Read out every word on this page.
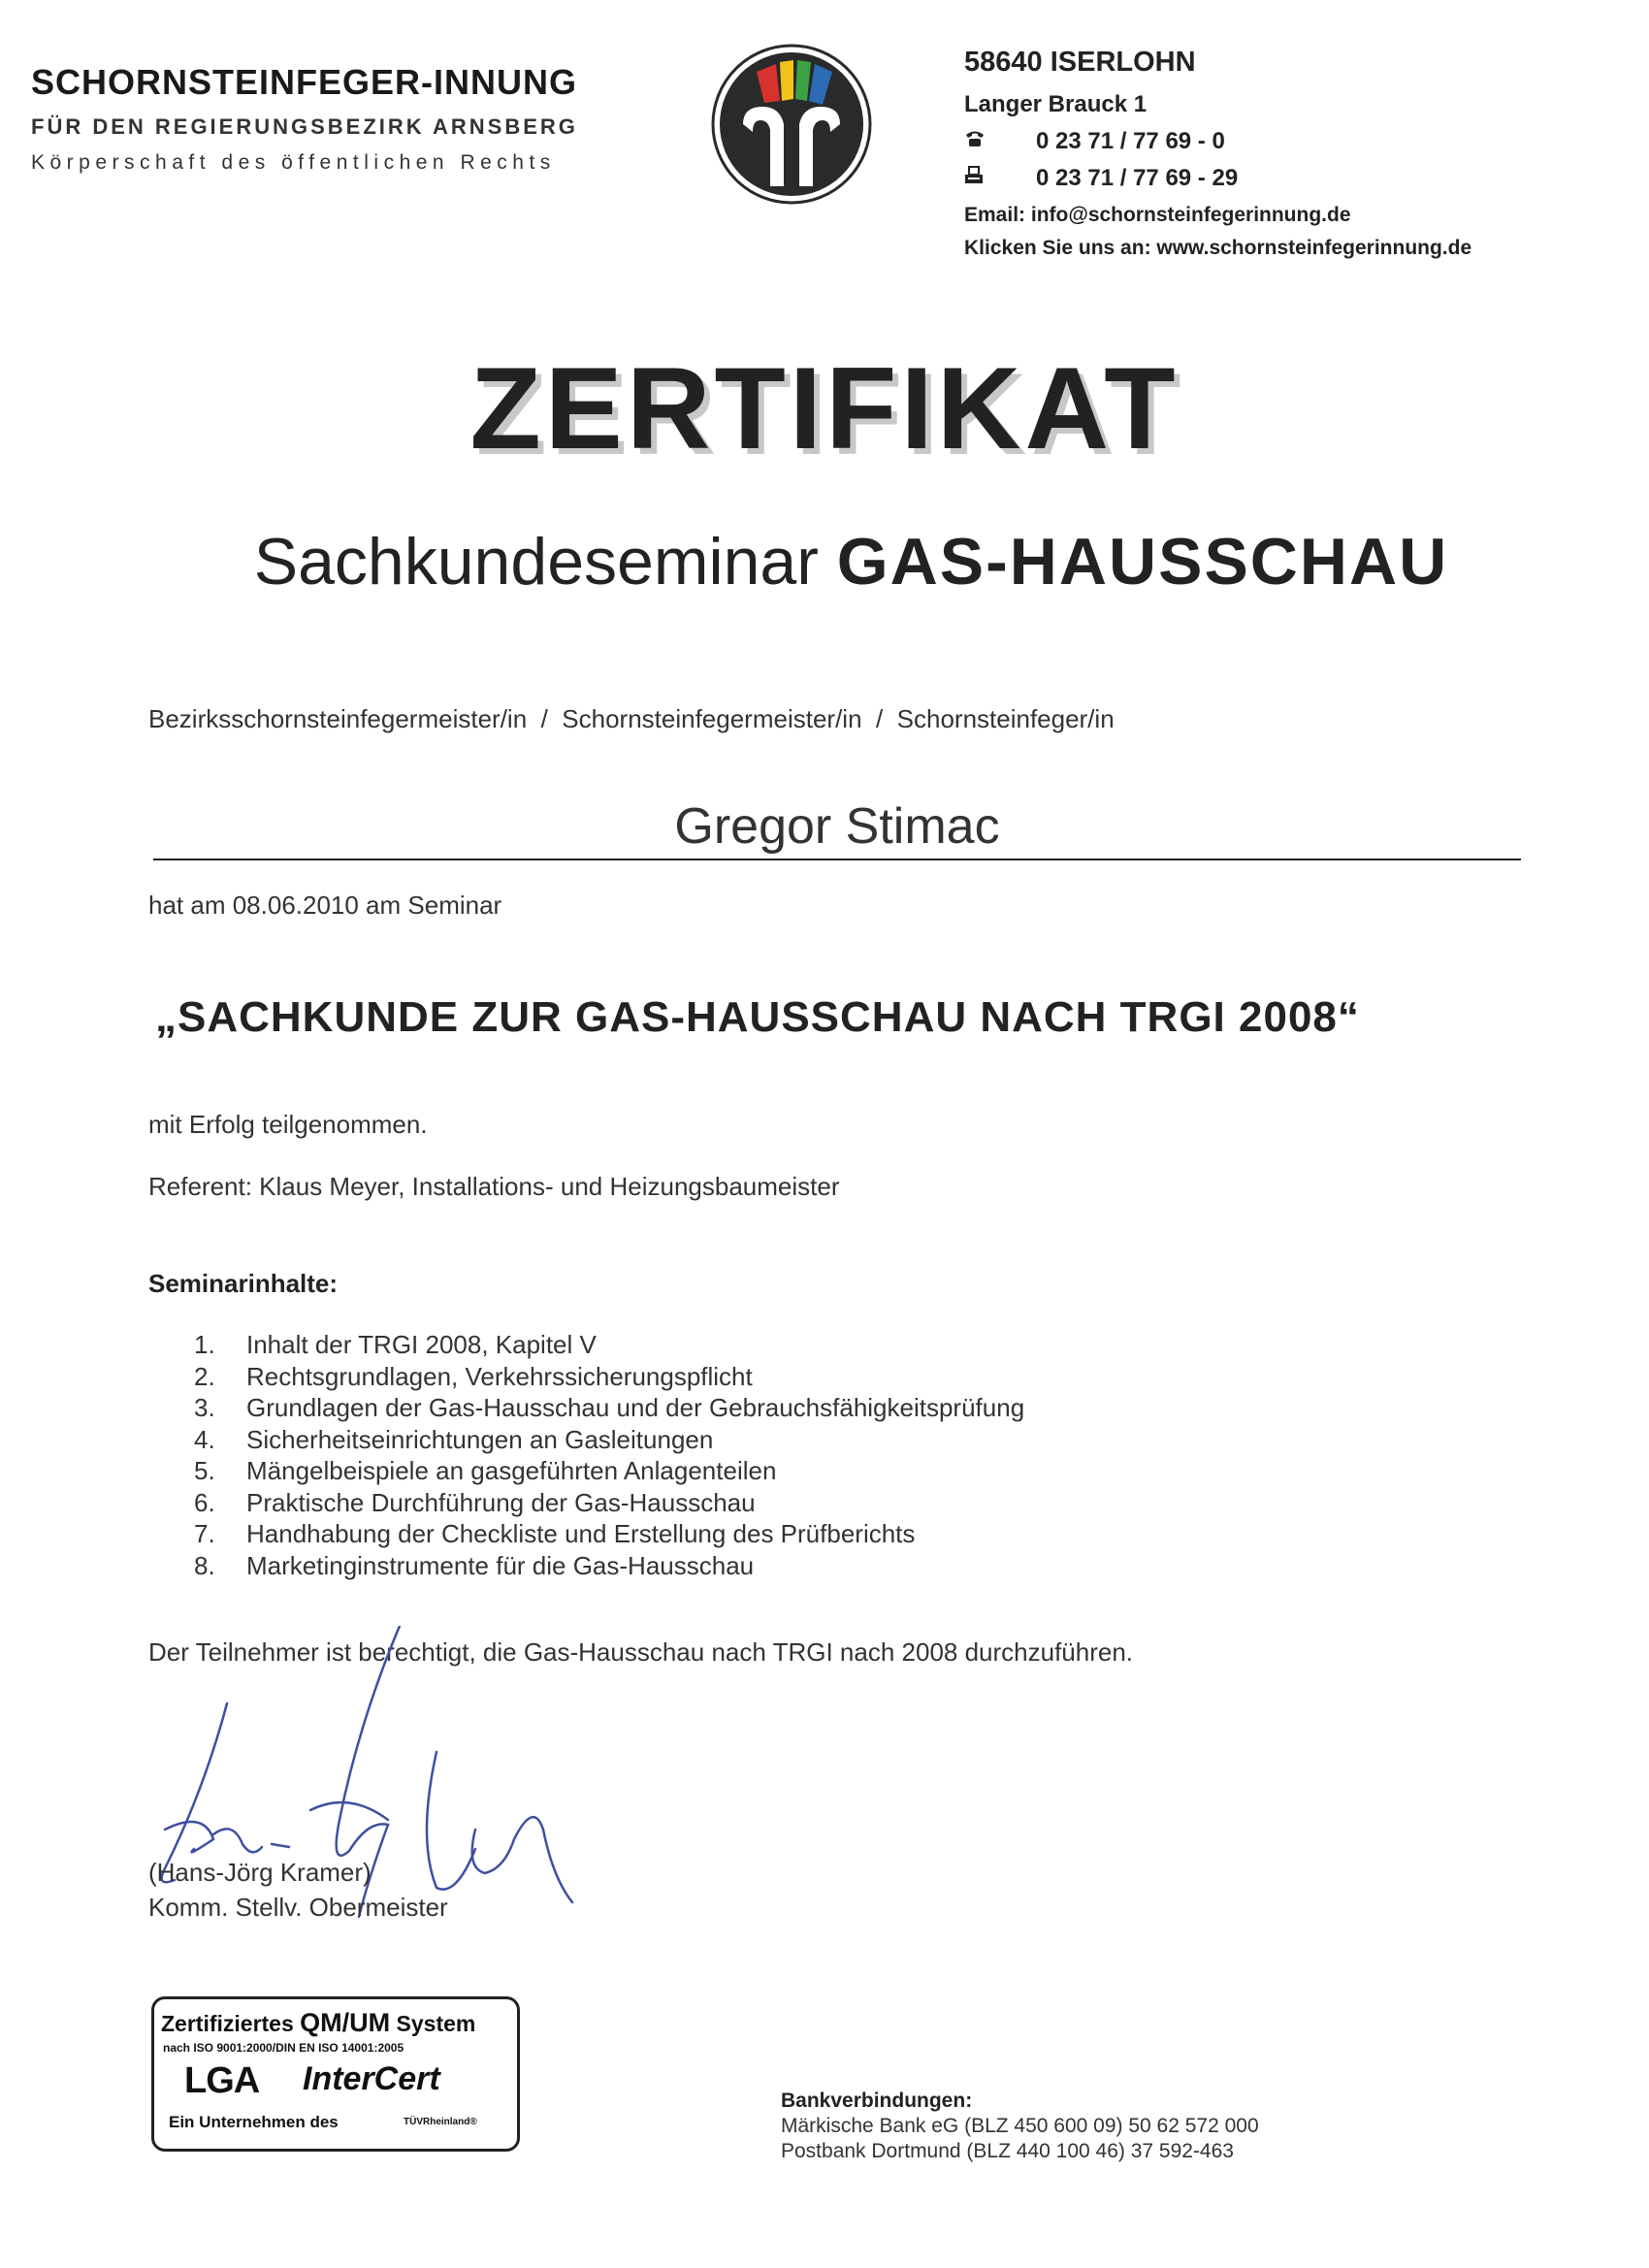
SCHORNSTEINFEGER-INNUNG
FÜR DEN REGIERUNGSBEZIRK ARNSBERG
Körperschaft des öffentlichen Rechts
58640 ISERLOHN
Langer Brauck 1
0 23 71 / 77 69 - 0
0 23 71 / 77 69 - 29
Email: info@schornsteinfegerinnung.de
Klicken Sie uns an: www.schornsteinfegerinnung.de
ZERTIFIKAT
Sachkundeseminar GAS-HAUSSCHAU
Bezirksschornsteinfegermeister/in  /  Schornsteinfegermeister/in  /  Schornsteinfeger/in
Gregor Stimac
hat am 08.06.2010 am Seminar
„SACHKUNDE ZUR GAS-HAUSSCHAU NACH TRGI 2008“
mit Erfolg teilgenommen.
Referent: Klaus Meyer, Installations- und Heizungsbaumeister
Seminarinhalte:
1. Inhalt der TRGI 2008, Kapitel V
2. Rechtsgrundlagen, Verkehrssicherungspflicht
3. Grundlagen der Gas-Hausschau und der Gebrauchsfähigkeitsprüfung
4. Sicherheitseinrichtungen an Gasleitungen
5. Mängelbeispiele an gasgeführten Anlagenteilen
6. Praktische Durchführung der Gas-Hausschau
7. Handhabung der Checkliste und Erstellung des Prüfberichts
8. Marketinginstrumente für die Gas-Hausschau
Der Teilnehmer ist berechtigt, die Gas-Hausschau nach TRGI nach 2008 durchzuführen.
(Hans-Jörg Kramer)
Komm. Stellv. Obermeister
Zertifiziertes QM/UM System
nach ISO 9001:2000/DIN EN ISO 14001:2005
LGA InterCert
Ein Unternehmen des	TÜVRheinland®
Bankverbindungen:
Märkische Bank eG (BLZ 450 600 09) 50 62 572 000
Postbank Dortmund (BLZ 440 100 46) 37 592-463
